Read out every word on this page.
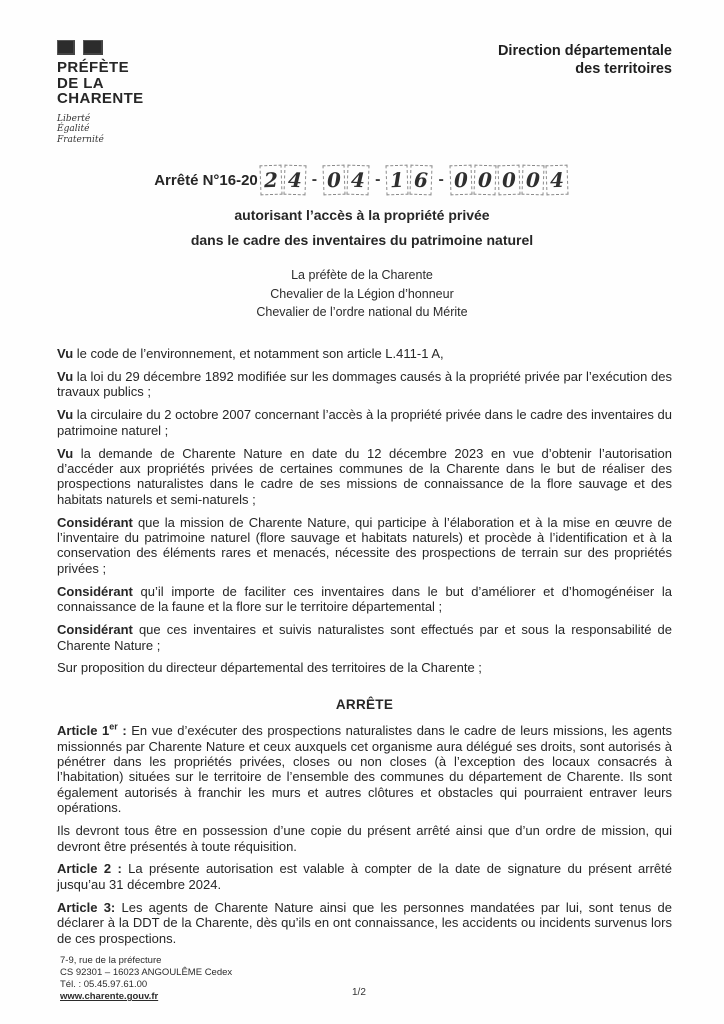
PRÉFÈTE
DE LA
CHARENTE
Liberté
Égalité
Fraternité
Direction départementale
des territoires
Arrêté N°16-20 2 4 - 0 4 - 1 6 - 0 0 0 0 4
autorisant l’accès à la propriété privée
dans le cadre des inventaires du patrimoine naturel
La préfète de la Charente
Chevalier de la Légion d’honneur
Chevalier de l’ordre national du Mérite

Vu le code de l’environnement, et notamment son article L.411-1 A,

Vu la loi du 29 décembre 1892 modifiée sur les dommages causés à la propriété privée par l’exécution des travaux publics ;

Vu la circulaire du 2 octobre 2007 concernant l’accès à la propriété privée dans le cadre des inventaires du patrimoine naturel ;

Vu la demande de Charente Nature en date du 12 décembre 2023 en vue d’obtenir l’autorisation d’accéder aux propriétés privées de certaines communes de la Charente dans le but de réaliser des prospections naturalistes dans le cadre de ses missions de connaissance de la flore sauvage et des habitats naturels et semi-naturels ;

Considérant que la mission de Charente Nature, qui participe à l’élaboration et à la mise en œuvre de l’inventaire du patrimoine naturel (flore sauvage et habitats naturels) et procède à l’identification et à la conservation des éléments rares et menacés, nécessite des prospections de terrain sur des propriétés privées ;

Considérant qu’il importe de faciliter ces inventaires dans le but d’améliorer et d’homogénéiser la connaissance de la faune et la flore sur le territoire départemental ;

Considérant que ces inventaires et suivis naturalistes sont effectués par et sous la responsabilité de Charente Nature ;

Sur proposition du directeur départemental des territoires de la Charente ;

ARRÊTE

Article 1er : En vue d’exécuter des prospections naturalistes dans le cadre de leurs missions, les agents missionnés par Charente Nature et ceux auxquels cet organisme aura délégué ses droits, sont autorisés à pénétrer dans les propriétés privées, closes ou non closes (à l’exception des locaux consacrés à l’habitation) situées sur le territoire de l’ensemble des communes du département de Charente. Ils sont également autorisés à franchir les murs et autres clôtures et obstacles qui pourraient entraver leurs opérations.

Ils devront tous être en possession d’une copie du présent arrêté ainsi que d’un ordre de mission, qui devront être présentés à toute réquisition.

Article 2 : La présente autorisation est valable à compter de la date de signature du présent arrêté jusqu’au 31 décembre 2024.

Article 3: Les agents de Charente Nature ainsi que les personnes mandatées par lui, sont tenus de déclarer à la DDT de la Charente, dès qu’ils en ont connaissance, les accidents ou incidents survenus lors de ces prospections.

7-9, rue de la préfecture
CS 92301 – 16023 ANGOULÊME Cedex
Tél. : 05.45.97.61.00
www.charente.gouv.fr	1/2
